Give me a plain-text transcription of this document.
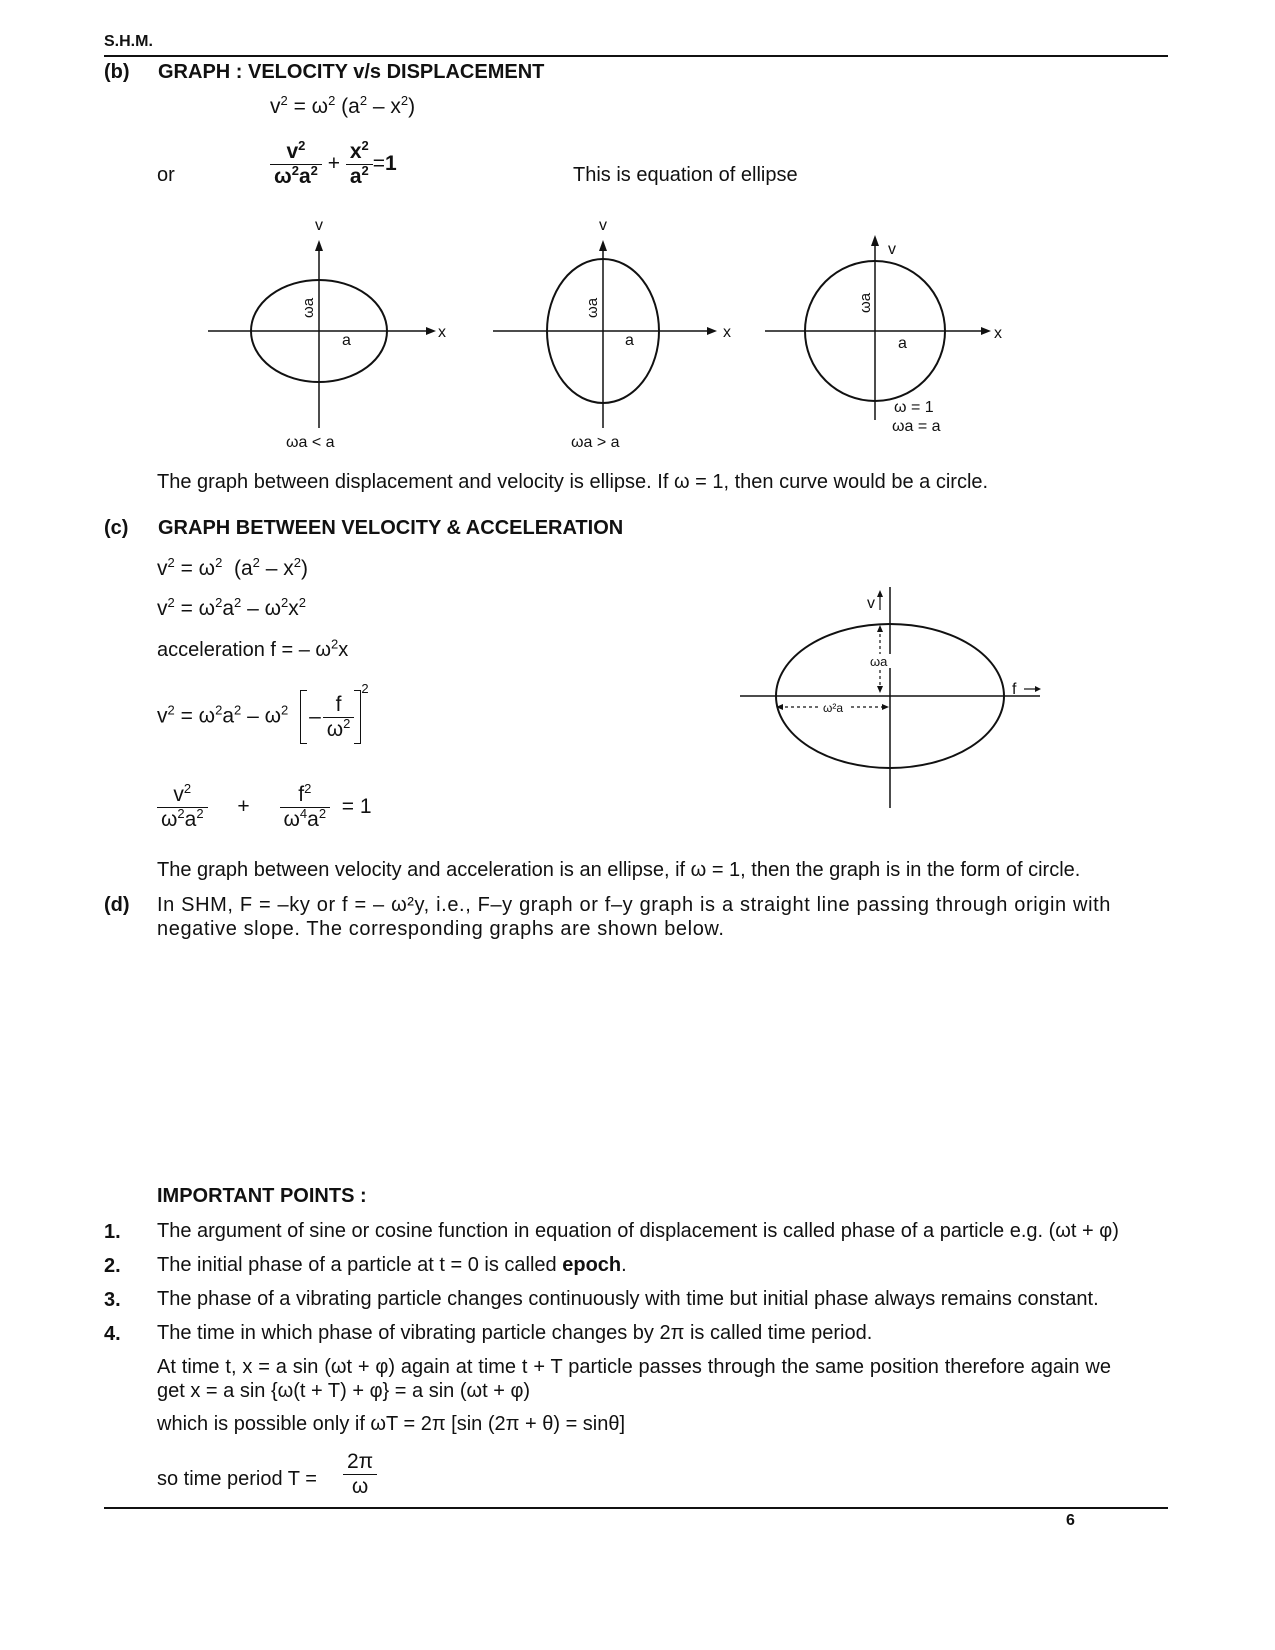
S.H.M.
(b) GRAPH : VELOCITY v/s DISPLACEMENT
$v^2 = \omega^2$ $(a^2 - x^2)$
or	$\frac{v^2}{\omega^2a^2} + \frac{x^2}{a^2} =1$	This is equation of ellipse
v
x
a
ωa
ωa < a
v
x
a
ωa
ωa > a
v
x
a
ωa
ω = 1
ωa = a
The graph between displacement and velocity is ellipse. If ω = 1, then curve would be a circle.
(c) GRAPH BETWEEN VELOCITY & ACCELERATION
$v^2 = \omega^2$  $(a^2 - x^2)$
$v^2 = \omega^2a^2 - \omega^2x^2$
acceleration f = – $\omega^2x$
$v^2 = \omega^2a^2 - \omega^2 - \frac{f}{\omega^2}$
$^2$
$\frac{v^2}{\omega^2a^2} + \frac{f^2}{\omega^4a^2} = 1$
ω²a
ωa
v
f
The graph between velocity and acceleration is an ellipse, if ω = 1, then the graph is in the form of circle.
(d) In SHM, F = –ky or f = – ω²y, i.e., F–y graph or f–y graph is a straight line passing through origin with negative slope. The corresponding graphs are shown below.
IMPORTANT POINTS :
1. The argument of sine or cosine function in equation of displacement is called phase of a particle e.g. (ωt + φ)
2. The initial phase of a particle at t = 0 is called epoch.
3. The phase of a vibrating particle changes continuously with time but initial phase always remains constant.
4. The time in which phase of vibrating particle changes by 2π is called time period.
At time t, x = a sin (ωt + φ) again at time t + T particle passes through the same position therefore again we get x = a sin {ω(t + T) + φ} = a sin (ωt + φ)
which is possible only if ωT = 2π [sin (2π + θ) = sinθ]
so time period $T = \frac{2\pi}{\omega}$
6
